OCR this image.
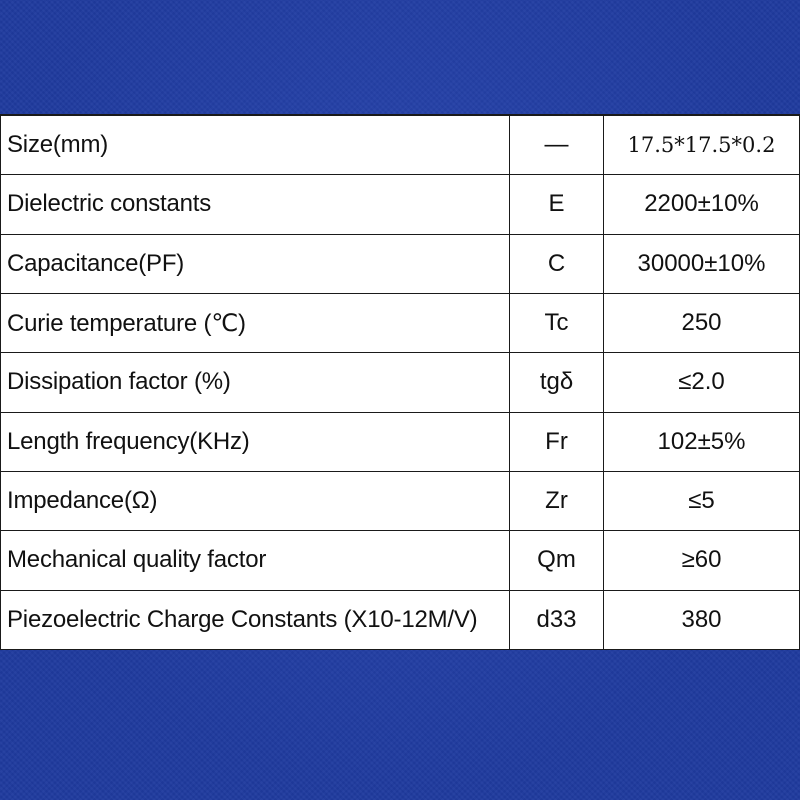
Size(mm)	—	17.5*17.5*0.2
Dielectric constants	E	2200±10%
Capacitance(PF)	C	30000±10%
Curie temperature (℃)	Tc	250
Dissipation factor (%)	tgδ	≤2.0
Length frequency(KHz)	Fr	102±5%
Impedance(Ω)	Zr	≤5
Mechanical quality factor	Qm	≥60
Piezoelectric Charge Constants (X10-12M/V)	d33	380
